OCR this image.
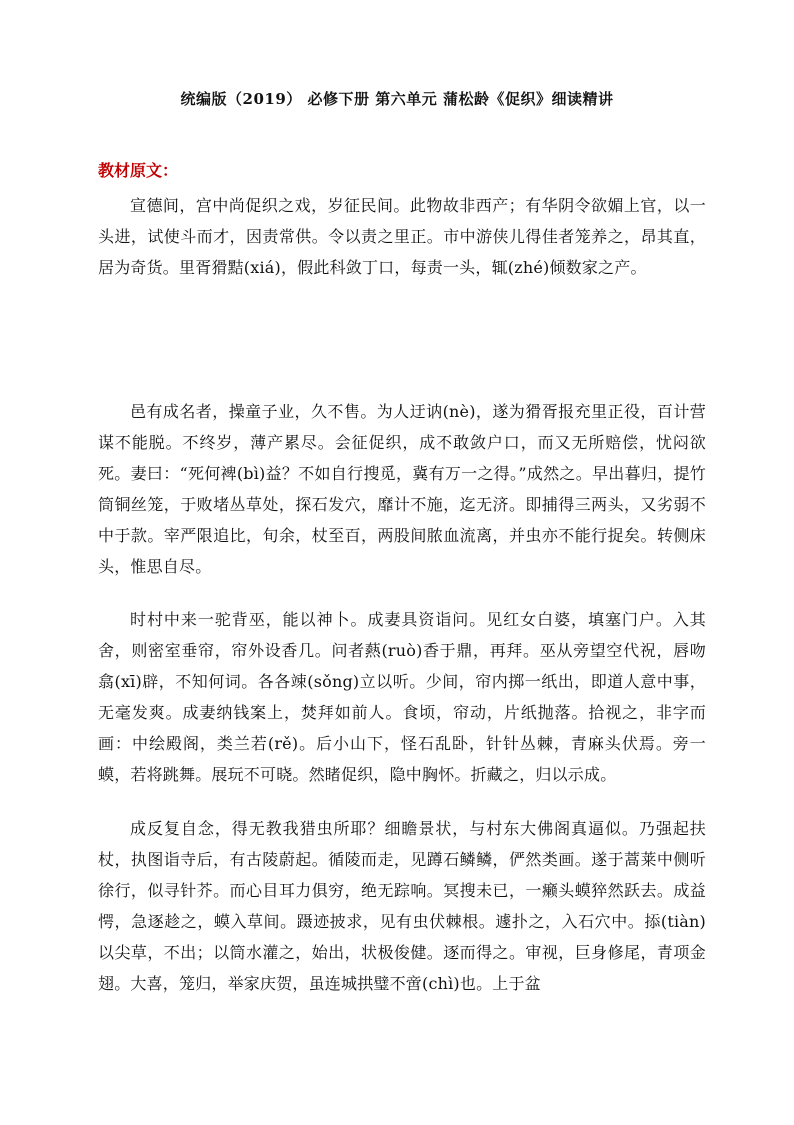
统编版（2019） 必修下册 第六单元 蒲松龄《促织》细读精讲
教材原文：

宣德间，宫中尚促织之戏，岁征民间。此物故非西产；有华阴令欲媚上官，以一头进，试使斗而才，因责常供。令以责之里正。市中游侠儿得佳者笼养之，昂其直，居为奇货。里胥猾黠(xiá)，假此科敛丁口，每责一头，辄(zhé)倾数家之产。

邑有成名者，操童子业，久不售。为人迂讷(nè)，遂为猾胥报充里正役，百计营谋不能脱。不终岁，薄产累尽。会征促织，成不敢敛户口，而又无所赔偿，忧闷欲死。妻曰：“死何裨(bì)益？不如自行搜觅，冀有万一之得。”成然之。早出暮归，提竹筒铜丝笼，于败堵丛草处，探石发穴，靡计不施，迄无济。即捕得三两头，又劣弱不中于款。宰严限追比，旬余，杖至百，两股间脓血流离，并虫亦不能行捉矣。转侧床头，惟思自尽。

时村中来一驼背巫，能以神卜。成妻具资诣问。见红女白婆，填塞门户。入其舍，则密室垂帘，帘外设香几。问者爇(ruò)香于鼎，再拜。巫从旁望空代祝，唇吻翕(xī)辟，不知何词。各各竦(sǒng)立以听。少间，帘内掷一纸出，即道人意中事，无毫发爽。成妻纳钱案上，焚拜如前人。食顷，帘动，片纸抛落。拾视之，非字而画：中绘殿阁，类兰若(rě)。后小山下，怪石乱卧，针针丛棘，青麻头伏焉。旁一蟆，若将跳舞。展玩不可晓。然睹促织，隐中胸怀。折藏之，归以示成。

成反复自念，得无教我猎虫所耶？细瞻景状，与村东大佛阁真逼似。乃强起扶杖，执图诣寺后，有古陵蔚起。循陵而走，见蹲石鳞鳞，俨然类画。遂于蒿莱中侧听徐行，似寻针芥。而心目耳力俱穷，绝无踪响。冥搜未已，一癞头蟆猝然跃去。成益愕，急逐趁之，蟆入草间。蹑迹披求，见有虫伏棘根。遽扑之，入石穴中。掭(tiàn)以尖草，不出；以筒水灌之，始出，状极俊健。逐而得之。审视，巨身修尾，青项金翅。大喜，笼归，举家庆贺，虽连城拱璧不啻(chì)也。上于盆
